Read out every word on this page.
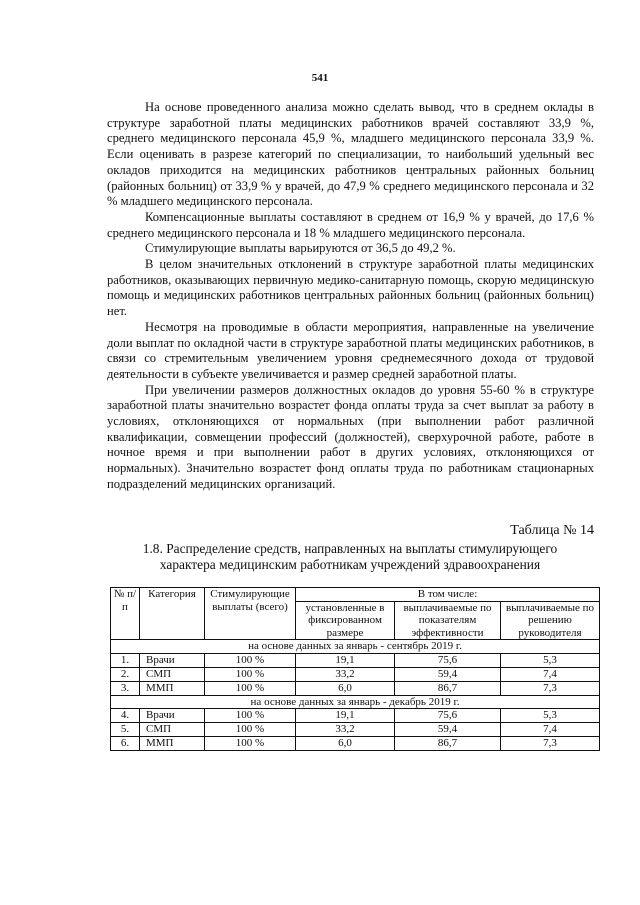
541

На основе проведенного анализа можно сделать вывод, что в среднем оклады в структуре заработной платы медицинских работников врачей составляют 33,9 %, среднего медицинского персонала 45,9 %, младшего медицинского персонала 33,9 %. Если оценивать в разрезе категорий по специализации, то наибольший удельный вес окладов приходится на медицинских работников центральных районных больниц (районных больниц) от 33,9 % у врачей, до 47,9 % среднего медицинского персонала и 32 % младшего медицинского персонала.

Компенсационные выплаты составляют в среднем от 16,9 % у врачей, до 17,6 % среднего медицинского персонала и 18 % младшего медицинского персонала.

Стимулирующие выплаты варьируются от 36,5 до 49,2 %.

В целом значительных отклонений в структуре заработной платы медицинских работников, оказывающих первичную медико-санитарную помощь, скорую медицинскую помощь и медицинских работников центральных районных больниц (районных больниц) нет.

Несмотря на проводимые в области мероприятия, направленные на увеличение доли выплат по окладной части в структуре заработной платы медицинских работников, в связи со стремительным увеличением уровня среднемесячного дохода от трудовой деятельности в субъекте увеличивается и размер средней заработной платы.

При увеличении размеров должностных окладов до уровня 55-60 % в структуре заработной платы значительно возрастет фонда оплаты труда за счет выплат за работу в условиях, отклоняющихся от нормальных (при выполнении работ различной квалификации, совмещении профессий (должностей), сверхурочной работе, работе в ночное время и при выполнении работ в других условиях, отклоняющихся от нормальных). Значительно возрастет фонд оплаты труда по работникам стационарных подразделений медицинских организаций.

Таблица № 14
1.8. Распределение средств, направленных на выплаты стимулирующего характера медицинским работникам учреждений здравоохранения
№ п/п	Категория	Стимулирующие выплаты (всего)	В том числе:		
			установленные в фиксированном размере	выплачиваемые по показателям эффективности	выплачиваемые по решению руководителя
на основе данных за январь - сентябрь 2019 г.					
1.	Врачи	100 %	19,1	75,6	5,3
2.	СМП	100 %	33,2	59,4	7,4
3.	ММП	100 %	6,0	86,7	7,3
на основе данных за январь - декабрь 2019 г.					
4.	Врачи	100 %	19,1	75,6	5,3
5.	СМП	100 %	33,2	59,4	7,4
6.	ММП	100 %	6,0	86,7	7,3
